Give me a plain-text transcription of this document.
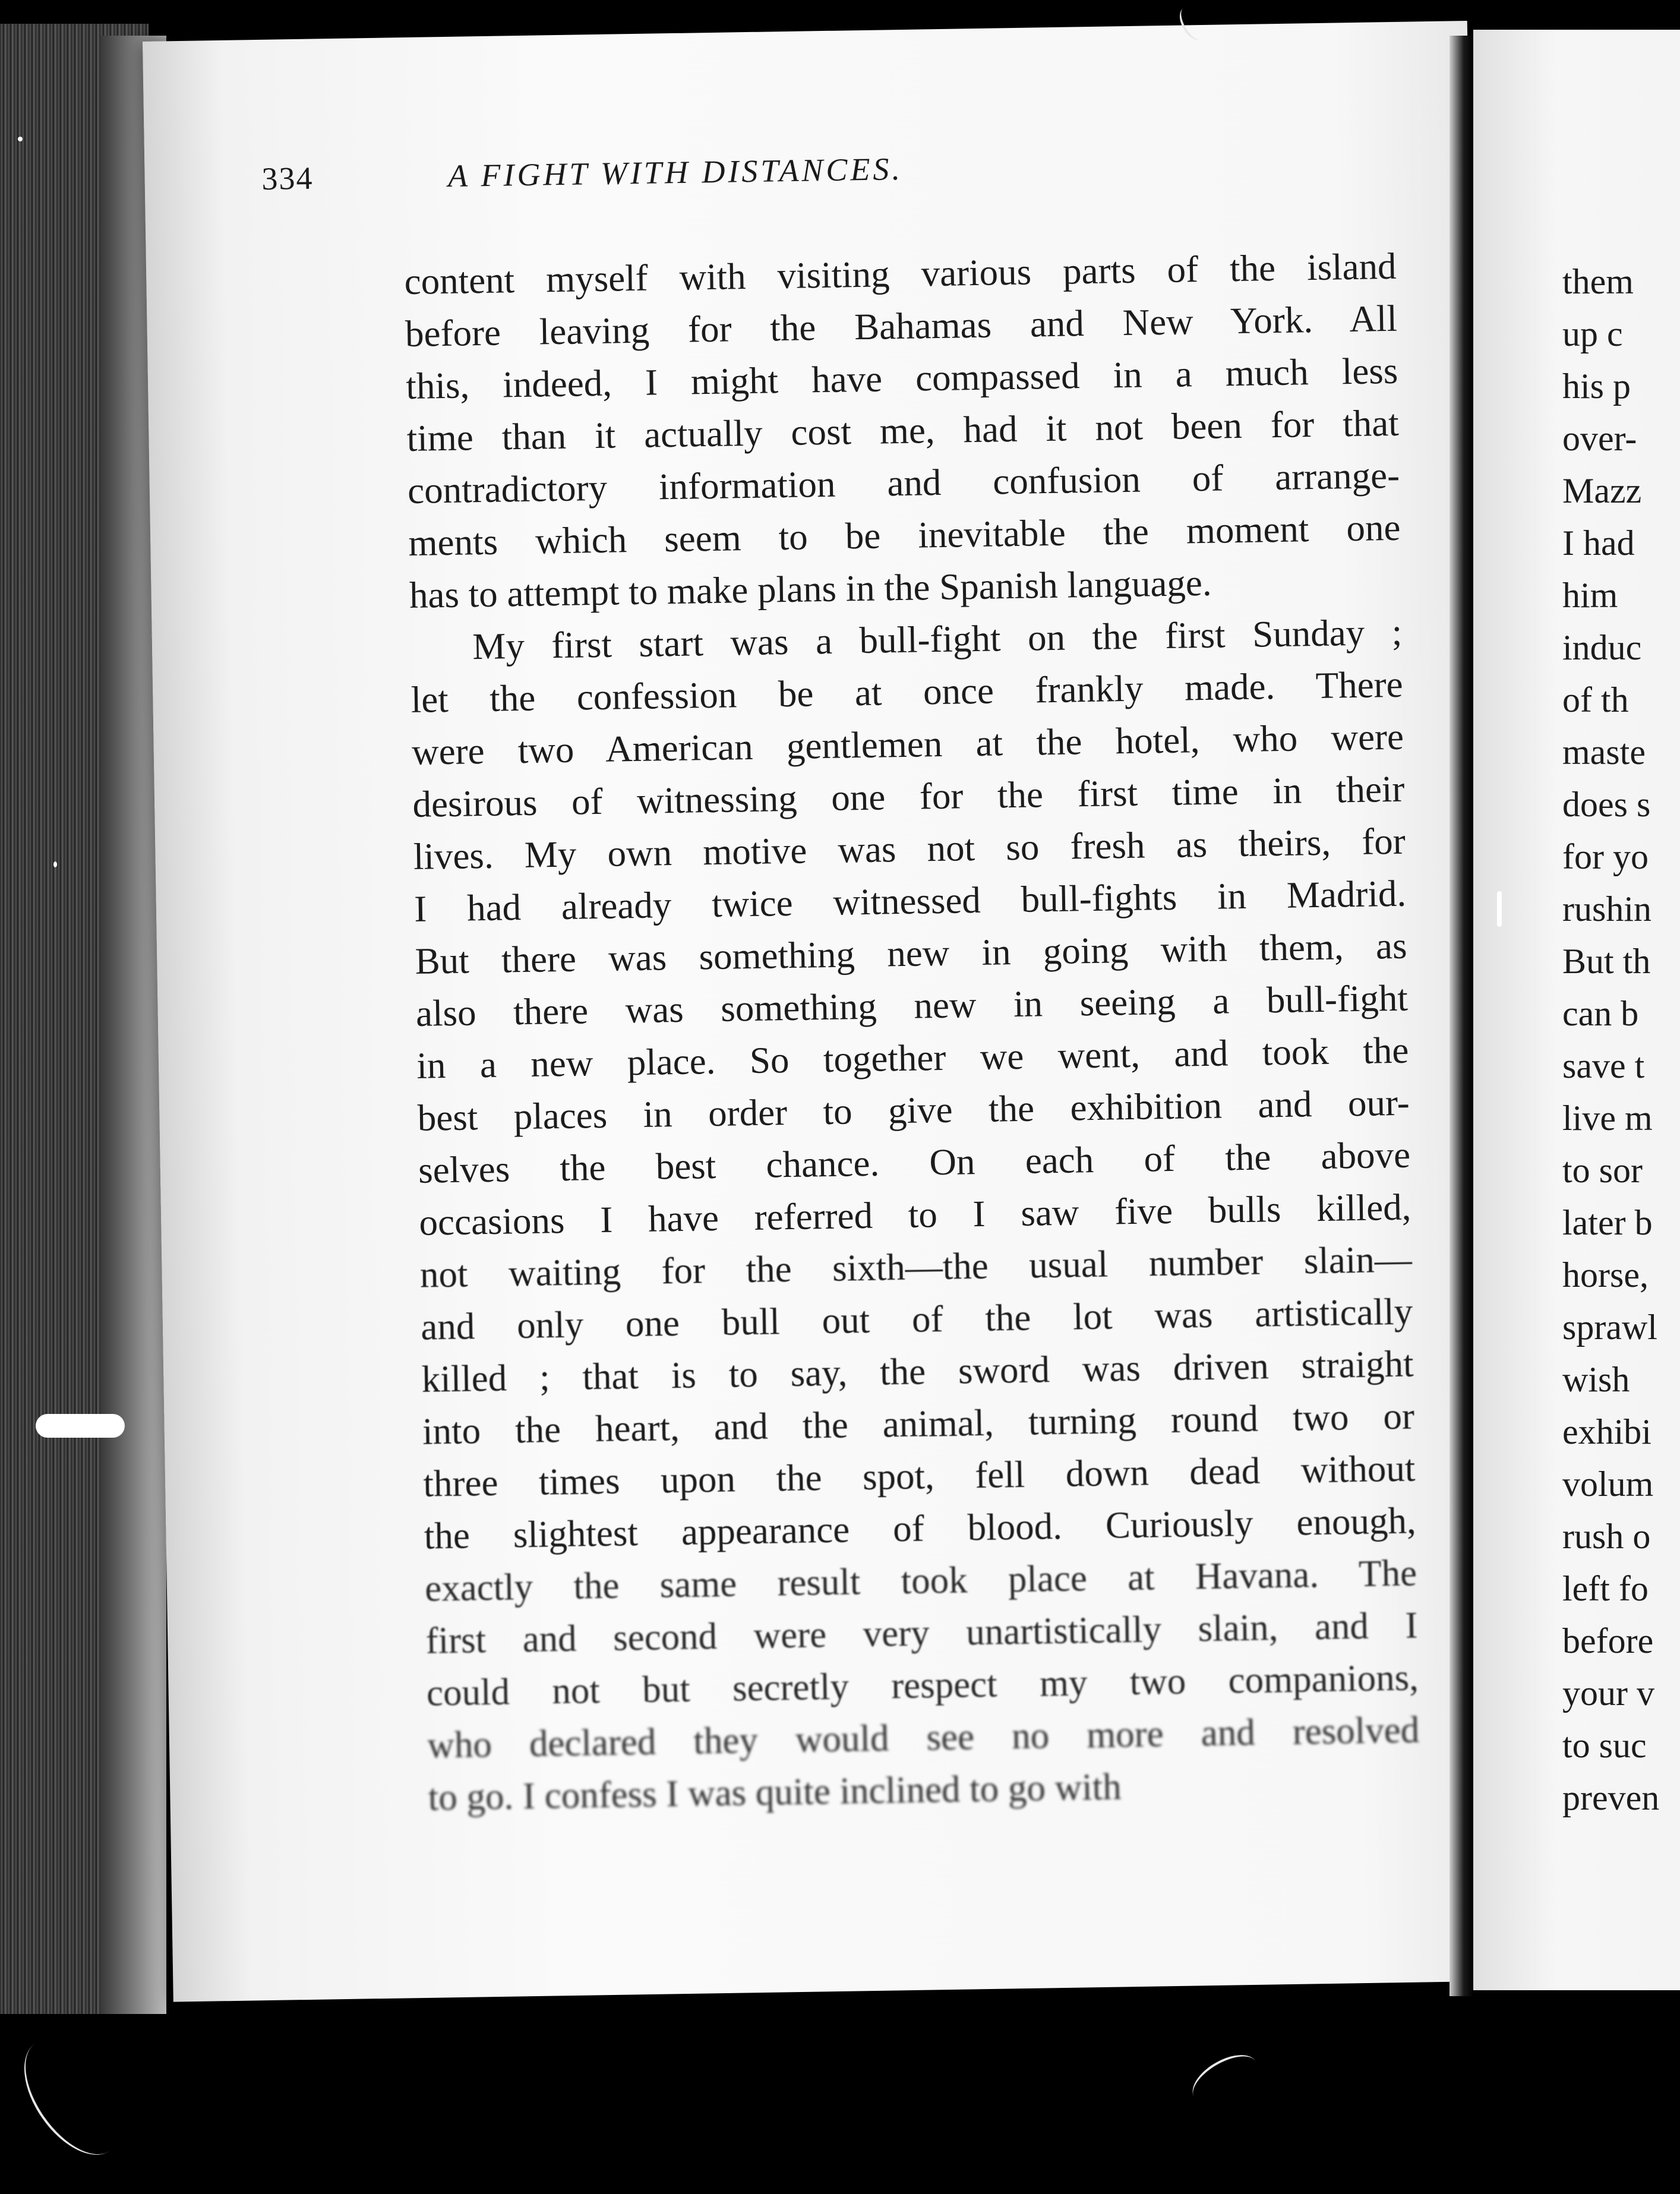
334	A FIGHT WITH DISTANCES.
content myself with visiting various parts of the island
before leaving for the Bahamas and New York. All
this, indeed, I might have compassed in a much less
time than it actually cost me, had it not been for that
contradictory information and confusion of arrange-
ments which seem to be inevitable the moment one
has to attempt to make plans in the Spanish language.
My first start was a bull-fight on the first Sunday ;
let the confession be at once frankly made. There
were two American gentlemen at the hotel, who were
desirous of witnessing one for the first time in their
lives. My own motive was not so fresh as theirs, for
I had already twice witnessed bull-fights in Madrid.
But there was something new in going with them, as
also there was something new in seeing a bull-fight
in a new place. So together we went, and took the
best places in order to give the exhibition and our-
selves the best chance. On each of the above
occasions I have referred to I saw five bulls killed,
not waiting for the sixth—the usual number slain—
and only one bull out of the lot was artistically
killed ; that is to say, the sword was driven straight
into the heart, and the animal, turning round two or
three times upon the spot, fell down dead without
the slightest appearance of blood. Curiously enough,
exactly the same result took place at Havana. The
first and second were very unartistically slain, and I
could not but secretly respect my two companions,
who declared they would see no more and resolved
to go. I confess I was quite inclined to go with
them
up c
his p
over-
Mazz
I had
him
induc
of th
maste
does s
for yo
rushin
But th
can b
save t
live m
to sor
later b
horse,
sprawl
wish
exhibi
volum
rush o
left fo
before
your v
to suc
preven
